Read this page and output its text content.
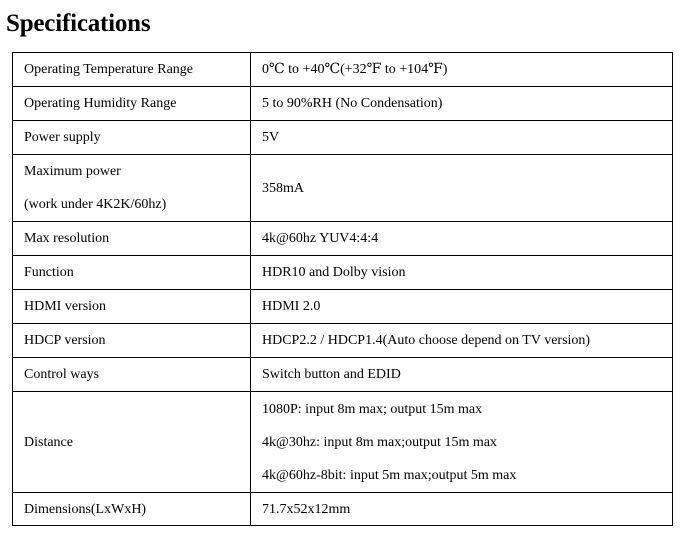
Specifications
Operating Temperature Range	0℃ to +40℃(+32℉ to +104℉)

Operating Humidity Range	5 to 90%RH (No Condensation)

Power supply	5V

Maximum power
(work under 4K2K/60hz)	358mA

Max resolution	4k@60hz YUV4:4:4

Function	HDR10 and Dolby vision

HDMI version	HDMI 2.0

HDCP version	HDCP2.2 / HDCP1.4(Auto choose depend on TV version)

Control ways	Switch button and EDID

Distance	1080P: input 8m max; output 15m max
4k@30hz: input 8m max;output 15m max
4k@60hz-8bit: input 5m max;output 5m max

Dimensions(LxWxH)	71.7x52x12mm
